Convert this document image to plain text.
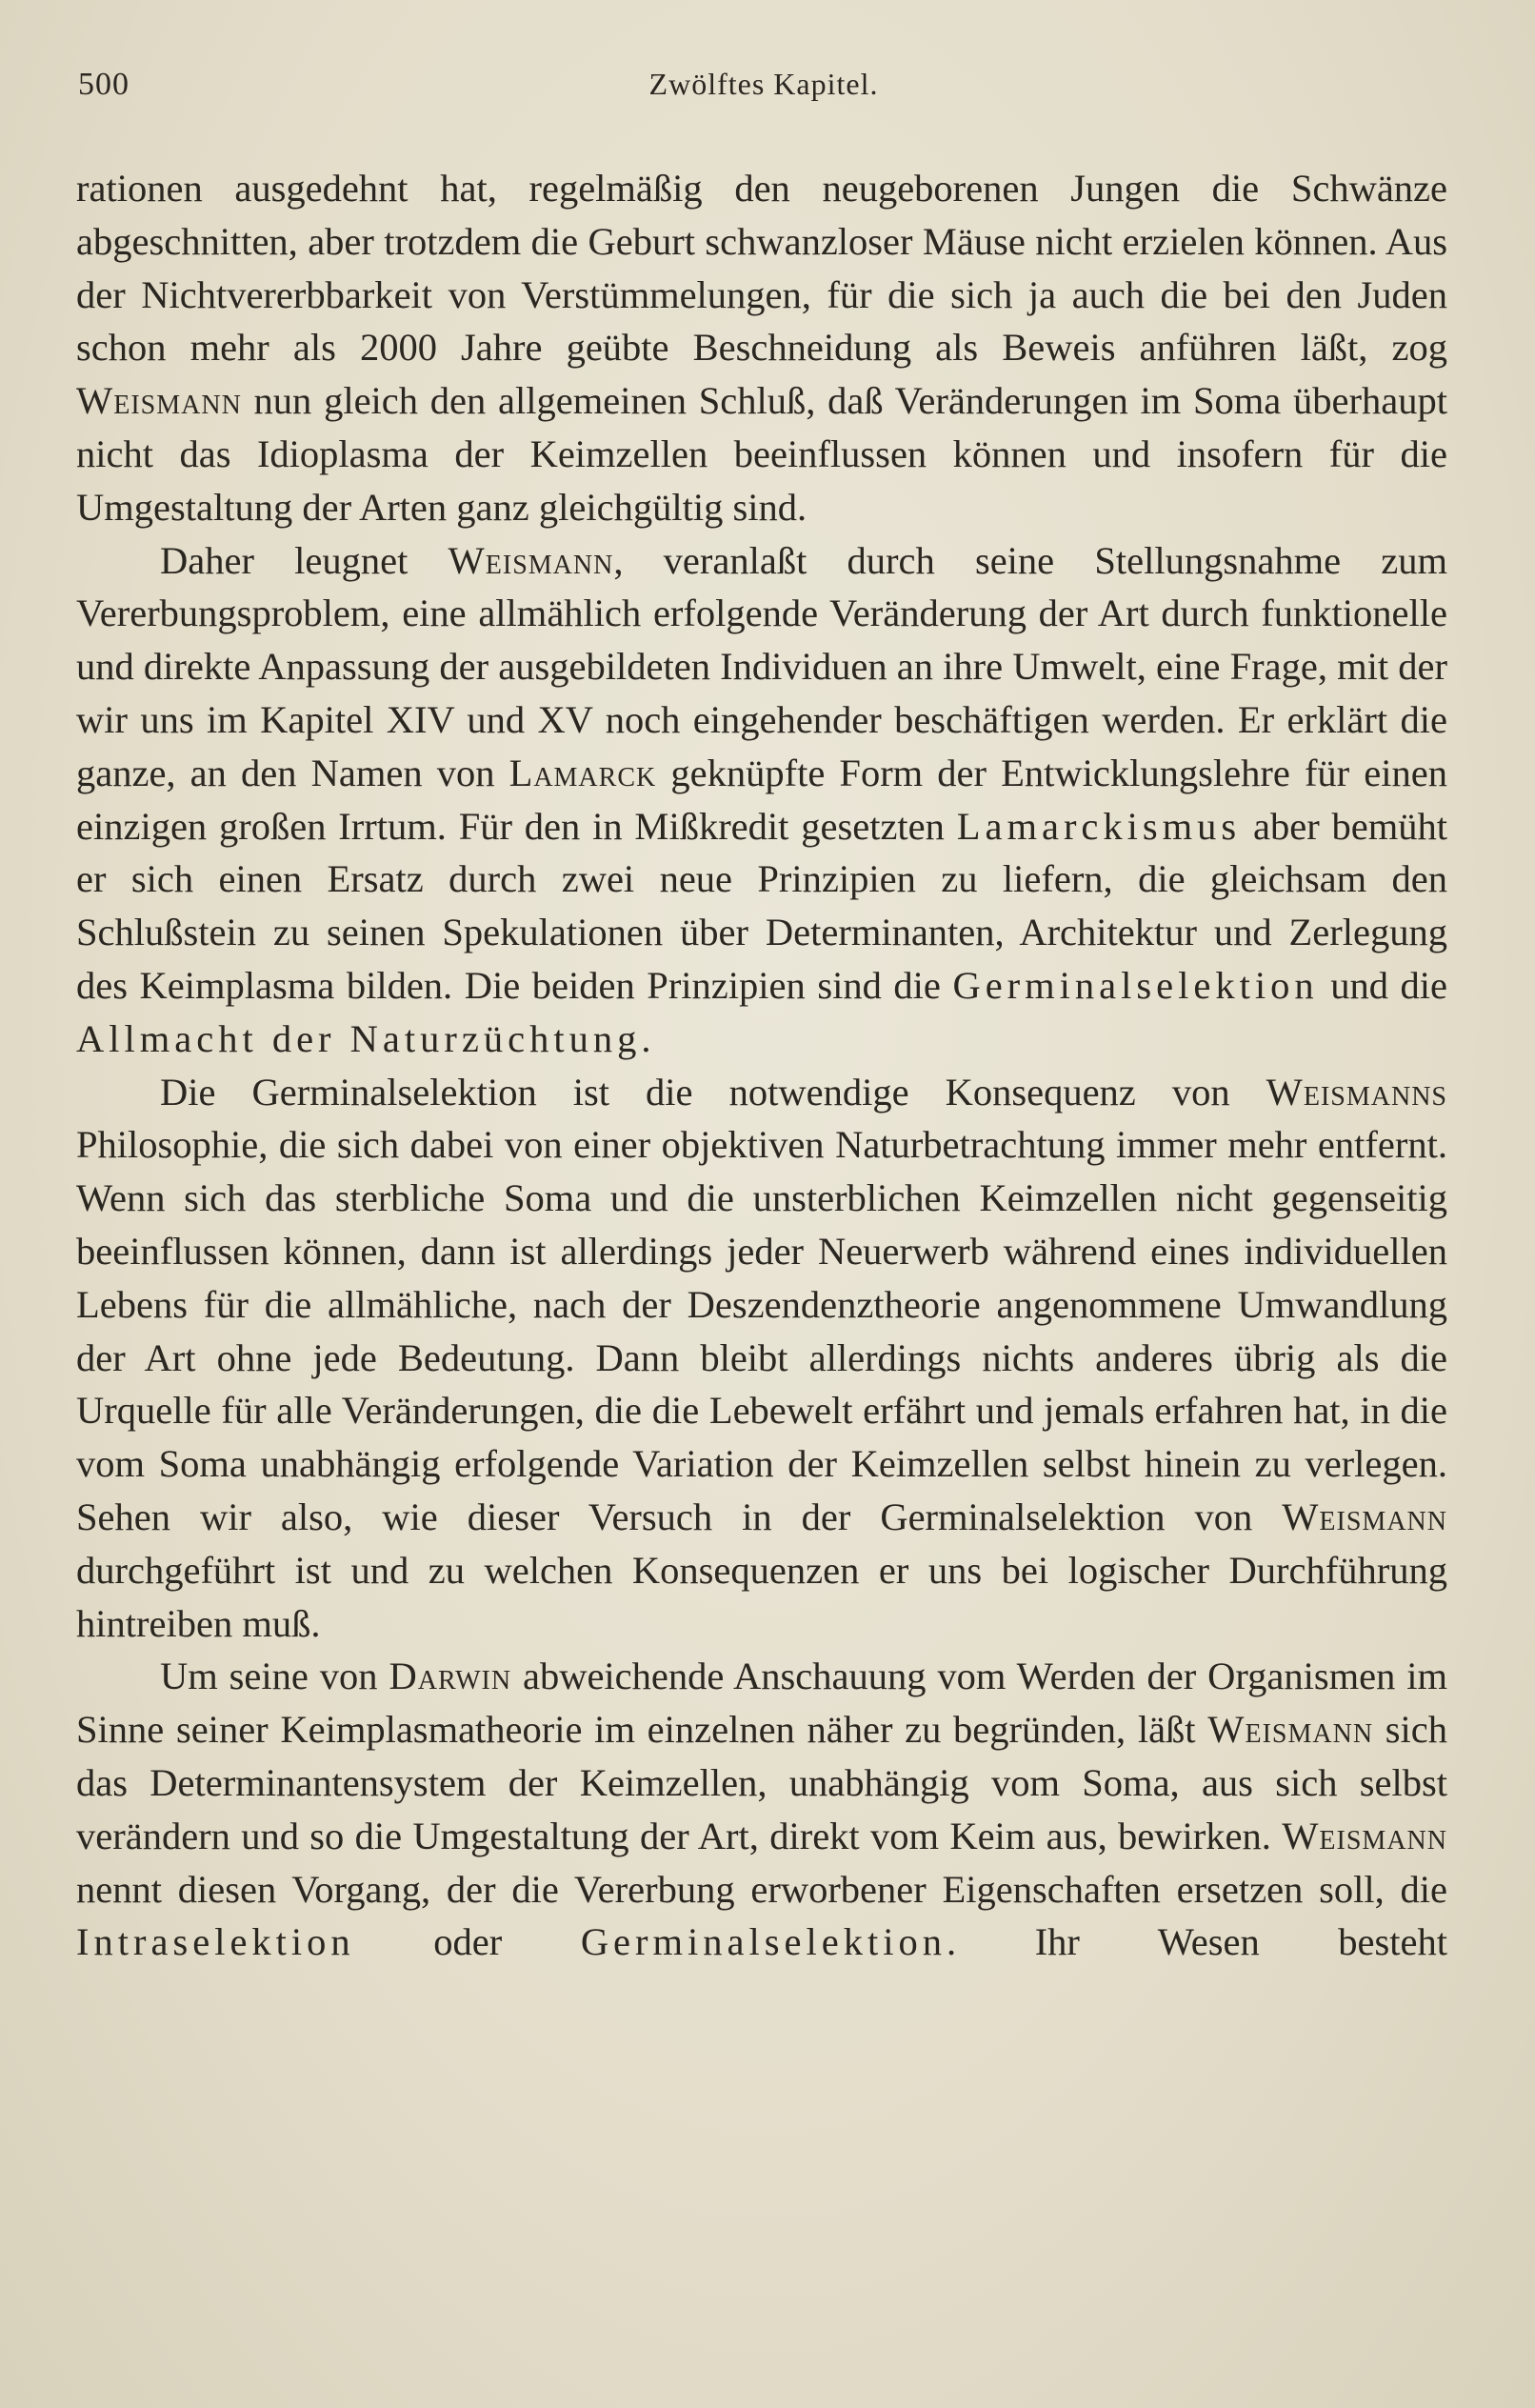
500	Zwölftes Kapitel.

rationen ausgedehnt hat, regelmäßig den neugeborenen Jungen die Schwänze abgeschnitten, aber trotzdem die Geburt schwanzloser Mäuse nicht erzielen können. Aus der Nichtvererbbarkeit von Verstümmelungen, für die sich ja auch die bei den Juden schon mehr als 2000 Jahre geübte Beschneidung als Beweis anführen läßt, zog Weismann nun gleich den allgemeinen Schluß, daß Veränderungen im Soma überhaupt nicht das Idioplasma der Keimzellen beeinflussen können und insofern für die Umgestaltung der Arten ganz gleichgültig sind.

Daher leugnet Weismann, veranlaßt durch seine Stellungsnahme zum Vererbungsproblem, eine allmählich erfolgende Veränderung der Art durch funktionelle und direkte Anpassung der ausgebildeten Individuen an ihre Umwelt, eine Frage, mit der wir uns im Kapitel XIV und XV noch eingehender beschäftigen werden. Er erklärt die ganze, an den Namen von Lamarck geknüpfte Form der Entwicklungslehre für einen einzigen großen Irrtum. Für den in Mißkredit gesetzten Lamarckismus aber bemüht er sich einen Ersatz durch zwei neue Prinzipien zu liefern, die gleichsam den Schlußstein zu seinen Spekulationen über Determinanten, Architektur und Zerlegung des Keimplasma bilden. Die beiden Prinzipien sind die Germinalselektion und die Allmacht der Naturzüchtung.

Die Germinalselektion ist die notwendige Konsequenz von Weismanns Philosophie, die sich dabei von einer objektiven Naturbetrachtung immer mehr entfernt. Wenn sich das sterbliche Soma und die unsterblichen Keimzellen nicht gegenseitig beeinflussen können, dann ist allerdings jeder Neuerwerb während eines individuellen Lebens für die allmähliche, nach der Deszendenztheorie angenommene Umwandlung der Art ohne jede Bedeutung. Dann bleibt allerdings nichts anderes übrig als die Urquelle für alle Veränderungen, die die Lebewelt erfährt und jemals erfahren hat, in die vom Soma unabhängig erfolgende Variation der Keimzellen selbst hinein zu verlegen. Sehen wir also, wie dieser Versuch in der Germinalselektion von Weismann durchgeführt ist und zu welchen Konsequenzen er uns bei logischer Durchführung hintreiben muß.

Um seine von Darwin abweichende Anschauung vom Werden der Organismen im Sinne seiner Keimplasmatheorie im einzelnen näher zu begründen, läßt Weismann sich das Determinantensystem der Keimzellen, unabhängig vom Soma, aus sich selbst verändern und so die Umgestaltung der Art, direkt vom Keim aus, bewirken. Weismann nennt diesen Vorgang, der die Vererbung erworbener Eigenschaften ersetzen soll, die Intraselektion oder Germinalselektion. Ihr Wesen besteht
